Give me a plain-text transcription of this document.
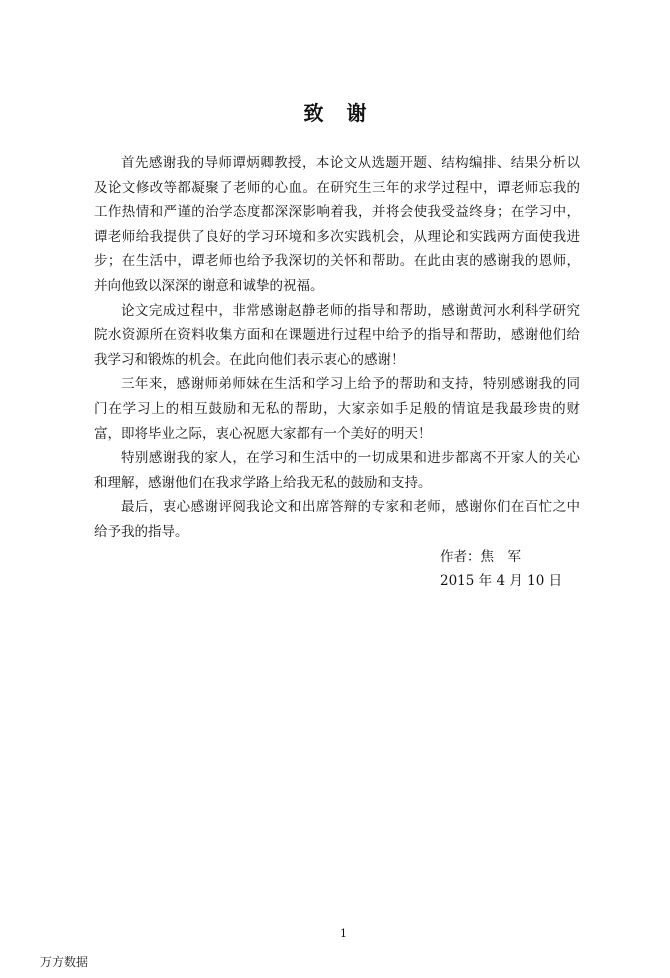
致 谢

首先感谢我的导师谭炳卿教授，本论文从选题开题、结构编排、结果分析以
及论文修改等都凝聚了老师的心血。在研究生三年的求学过程中，谭老师忘我的
工作热情和严谨的治学态度都深深影响着我，并将会使我受益终身；在学习中，
谭老师给我提供了良好的学习环境和多次实践机会，从理论和实践两方面使我进
步；在生活中，谭老师也给予我深切的关怀和帮助。在此由衷的感谢我的恩师，
并向他致以深深的谢意和诚挚的祝福。

论文完成过程中，非常感谢赵静老师的指导和帮助，感谢黄河水利科学研究
院水资源所在资料收集方面和在课题进行过程中给予的指导和帮助，感谢他们给
我学习和锻炼的机会。在此向他们表示衷心的感谢！

三年来，感谢师弟师妹在生活和学习上给予的帮助和支持，特别感谢我的同
门在学习上的相互鼓励和无私的帮助，大家亲如手足般的情谊是我最珍贵的财
富，即将毕业之际，衷心祝愿大家都有一个美好的明天！

特别感谢我的家人，在学习和生活中的一切成果和进步都离不开家人的关心
和理解，感谢他们在我求学路上给我无私的鼓励和支持。

最后，衷心感谢评阅我论文和出席答辩的专家和老师，感谢你们在百忙之中
给予我的指导。

作者：焦　军
2015 年 4 月 10 日
1
万方数据
